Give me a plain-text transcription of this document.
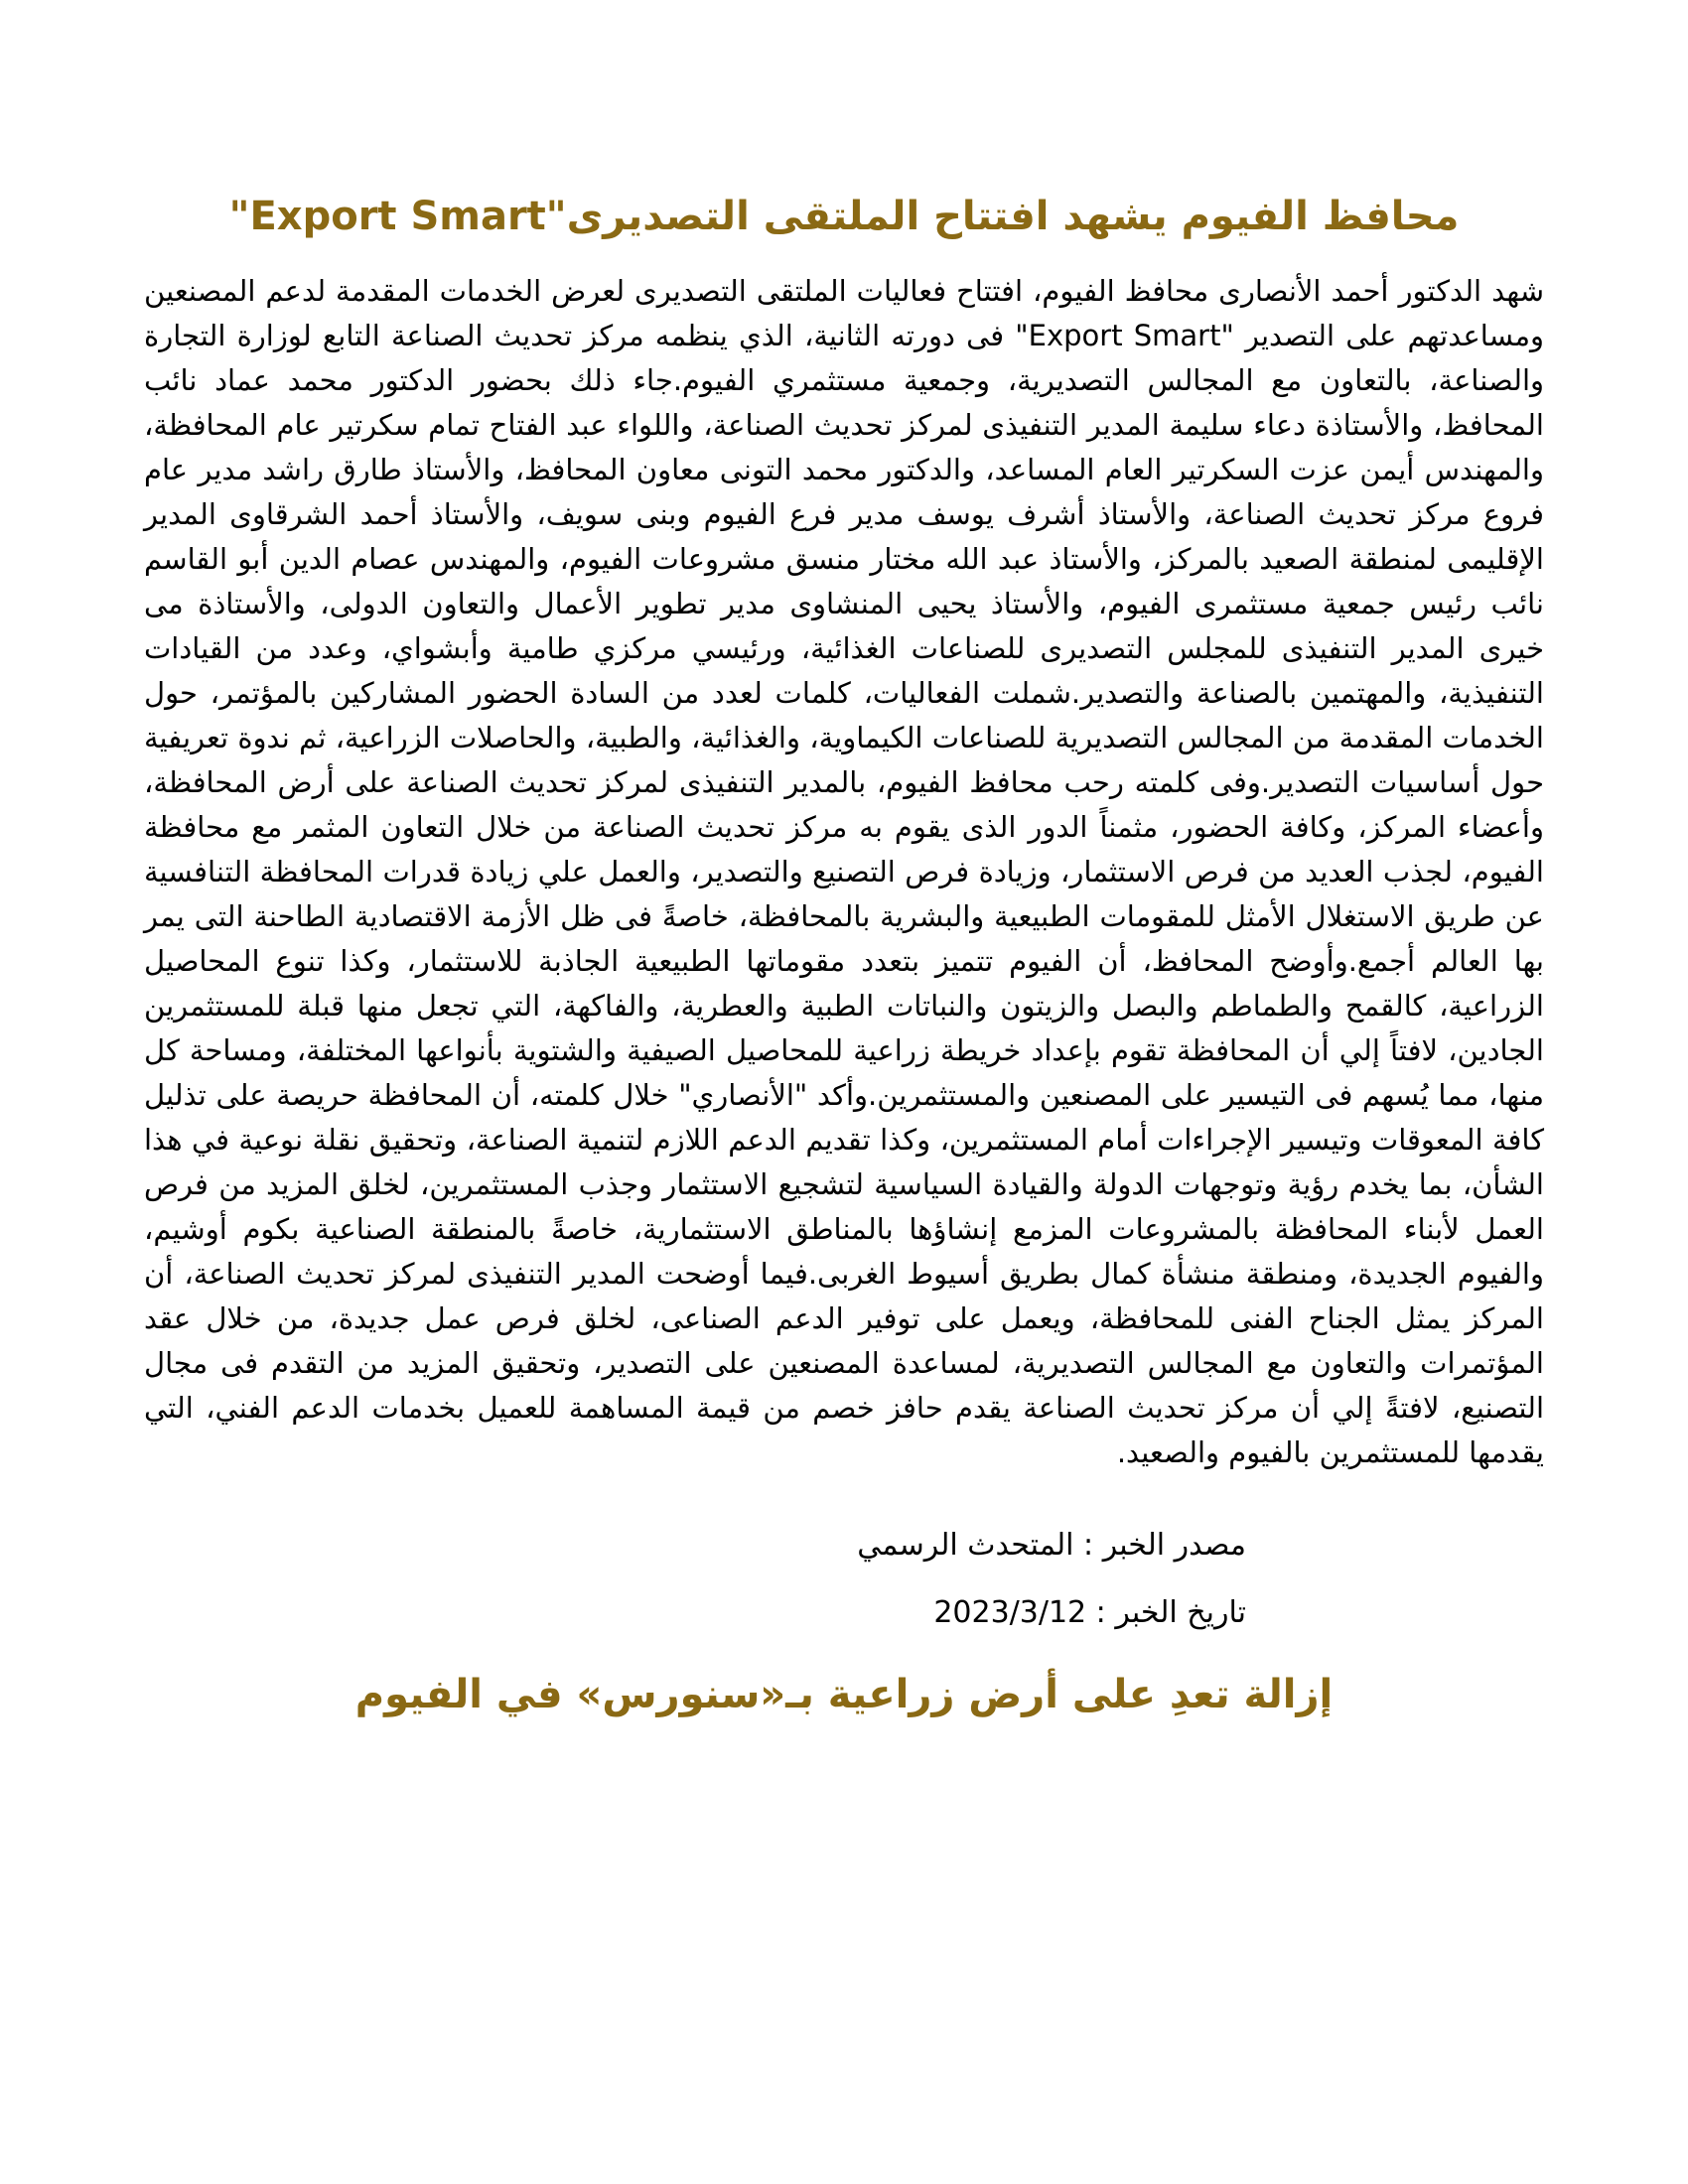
محافظ الفيوم يشهد افتتاح الملتقى التصديرى"Export Smart"

شهد الدكتور أحمد الأنصارى محافظ الفيوم، افتتاح فعاليات الملتقى التصديرى لعرض الخدمات المقدمة لدعم المصنعين ومساعدتهم على التصدير "Export Smart" فى دورته الثانية، الذي ينظمه مركز تحديث الصناعة التابع لوزارة التجارة والصناعة، بالتعاون مع المجالس التصديرية، وجمعية مستثمري الفيوم.جاء ذلك بحضور الدكتور محمد عماد نائب المحافظ، والأستاذة دعاء سليمة المدير التنفيذى لمركز تحديث الصناعة، واللواء عبد الفتاح تمام سكرتير عام المحافظة، والمهندس أيمن عزت السكرتير العام المساعد، والدكتور محمد التونى معاون المحافظ، والأستاذ طارق راشد مدير عام فروع مركز تحديث الصناعة، والأستاذ أشرف يوسف مدير فرع الفيوم وبنى سويف، والأستاذ أحمد الشرقاوى المدير الإقليمى لمنطقة الصعيد بالمركز، والأستاذ عبد الله مختار منسق مشروعات الفيوم، والمهندس عصام الدين أبو القاسم نائب رئيس جمعية مستثمرى الفيوم، والأستاذ يحيى المنشاوى مدير تطوير الأعمال والتعاون الدولى، والأستاذة مى خيرى المدير التنفيذى للمجلس التصديرى للصناعات الغذائية، ورئيسي مركزي طامية وأبشواي، وعدد من القيادات التنفيذية، والمهتمين بالصناعة والتصدير.شملت الفعاليات، كلمات لعدد من السادة الحضور المشاركين بالمؤتمر، حول الخدمات المقدمة من المجالس التصديرية للصناعات الكيماوية، والغذائية، والطبية، والحاصلات الزراعية، ثم ندوة تعريفية حول أساسيات التصدير.وفى كلمته رحب محافظ الفيوم، بالمدير التنفيذى لمركز تحديث الصناعة على أرض المحافظة، وأعضاء المركز، وكافة الحضور، مثمناً الدور الذى يقوم به مركز تحديث الصناعة من خلال التعاون المثمر مع محافظة الفيوم، لجذب العديد من فرص الاستثمار، وزيادة فرص التصنيع والتصدير، والعمل علي زيادة قدرات المحافظة التنافسية عن طريق الاستغلال الأمثل للمقومات الطبيعية والبشرية بالمحافظة، خاصةً فى ظل الأزمة الاقتصادية الطاحنة التى يمر بها العالم أجمع.وأوضح المحافظ، أن الفيوم تتميز بتعدد مقوماتها الطبيعية الجاذبة للاستثمار، وكذا تنوع المحاصيل الزراعية، كالقمح والطماطم والبصل والزيتون والنباتات الطبية والعطرية، والفاكهة، التي تجعل منها قبلة للمستثمرين الجادين، لافتاً إلي أن المحافظة تقوم بإعداد خريطة زراعية للمحاصيل الصيفية والشتوية بأنواعها المختلفة، ومساحة كل منها، مما يُسهم فى التيسير على المصنعين والمستثمرين.وأكد "الأنصاري" خلال كلمته، أن المحافظة حريصة على تذليل كافة المعوقات وتيسير الإجراءات أمام المستثمرين، وكذا تقديم الدعم اللازم لتنمية الصناعة، وتحقيق نقلة نوعية في هذا الشأن، بما يخدم رؤية وتوجهات الدولة والقيادة السياسية لتشجيع الاستثمار وجذب المستثمرين، لخلق المزيد من فرص العمل لأبناء المحافظة بالمشروعات المزمع إنشاؤها بالمناطق الاستثمارية، خاصةً بالمنطقة الصناعية بكوم أوشيم، والفيوم الجديدة، ومنطقة منشأة كمال بطريق أسيوط الغربى.فيما أوضحت المدير التنفيذى لمركز تحديث الصناعة، أن المركز يمثل الجناح الفنى للمحافظة، ويعمل على توفير الدعم الصناعى، لخلق فرص عمل جديدة، من خلال عقد المؤتمرات والتعاون مع المجالس التصديرية، لمساعدة المصنعين على التصدير، وتحقيق المزيد من التقدم فى مجال التصنيع، لافتةً إلي أن مركز تحديث الصناعة يقدم حافز خصم من قيمة المساهمة للعميل بخدمات الدعم الفني، التي يقدمها للمستثمرين بالفيوم والصعيد.

مصدر الخبر : المتحدث الرسمي

تاريخ الخبر : 2023/3/12

إزالة تعدِ على أرض زراعية بـ«سنورس» في الفيوم
